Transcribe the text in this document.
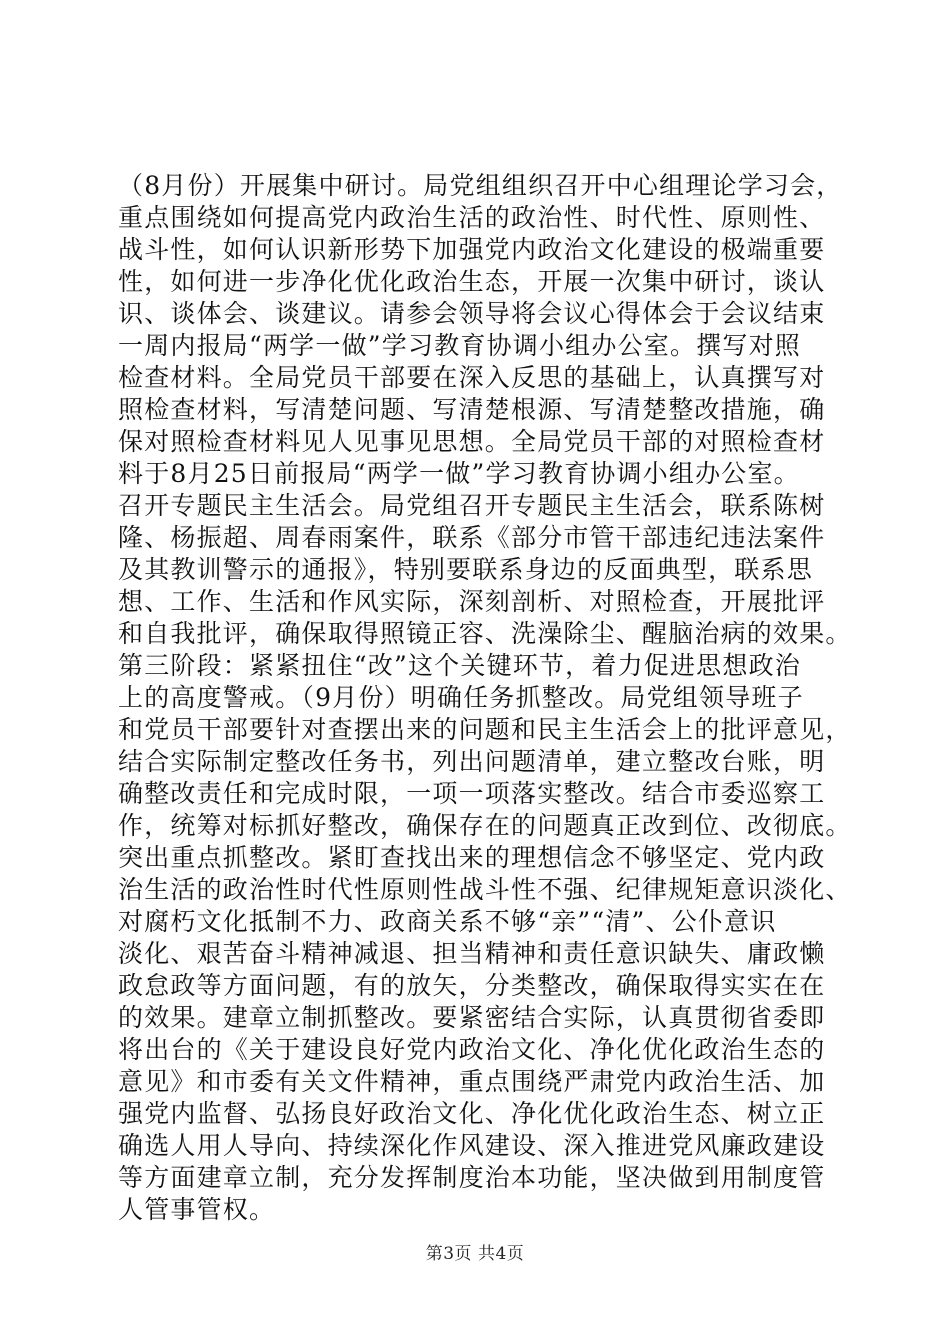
（8月份）开展集中研讨。局党组组织召开中心组理论学习会，
重点围绕如何提高党内政治生活的政治性、时代性、原则性、
战斗性，如何认识新形势下加强党内政治文化建设的极端重要
性，如何进一步净化优化政治生态，开展一次集中研讨，谈认
识、谈体会、谈建议。请参会领导将会议心得体会于会议结束
一周内报局“两学一做”学习教育协调小组办公室。撰写对照
检查材料。全局党员干部要在深入反思的基础上，认真撰写对
照检查材料，写清楚问题、写清楚根源、写清楚整改措施，确
保对照检查材料见人见事见思想。全局党员干部的对照检查材
料于8月25日前报局“两学一做”学习教育协调小组办公室。
召开专题民主生活会。局党组召开专题民主生活会，联系陈树
隆、杨振超、周春雨案件，联系《部分市管干部违纪违法案件
及其教训警示的通报》，特别要联系身边的反面典型，联系思
想、工作、生活和作风实际，深刻剖析、对照检查，开展批评
和自我批评，确保取得照镜正容、洗澡除尘、醒脑治病的效果。
第三阶段：紧紧扭住“改”这个关键环节，着力促进思想政治
上的高度警戒。（9月份）明确任务抓整改。局党组领导班子
和党员干部要针对查摆出来的问题和民主生活会上的批评意见，
结合实际制定整改任务书，列出问题清单，建立整改台账，明
确整改责任和完成时限，一项一项落实整改。结合市委巡察工
作，统筹对标抓好整改，确保存在的问题真正改到位、改彻底。
突出重点抓整改。紧盯查找出来的理想信念不够坚定、党内政
治生活的政治性时代性原则性战斗性不强、纪律规矩意识淡化、
对腐朽文化抵制不力、政商关系不够“亲”“清”、公仆意识
淡化、艰苦奋斗精神减退、担当精神和责任意识缺失、庸政懒
政怠政等方面问题，有的放矢，分类整改，确保取得实实在在
的效果。建章立制抓整改。要紧密结合实际，认真贯彻省委即
将出台的《关于建设良好党内政治文化、净化优化政治生态的
意见》和市委有关文件精神，重点围绕严肃党内政治生活、加
强党内监督、弘扬良好政治文化、净化优化政治生态、树立正
确选人用人导向、持续深化作风建设、深入推进党风廉政建设
等方面建章立制，充分发挥制度治本功能，坚决做到用制度管
人管事管权。
第3页 共4页
